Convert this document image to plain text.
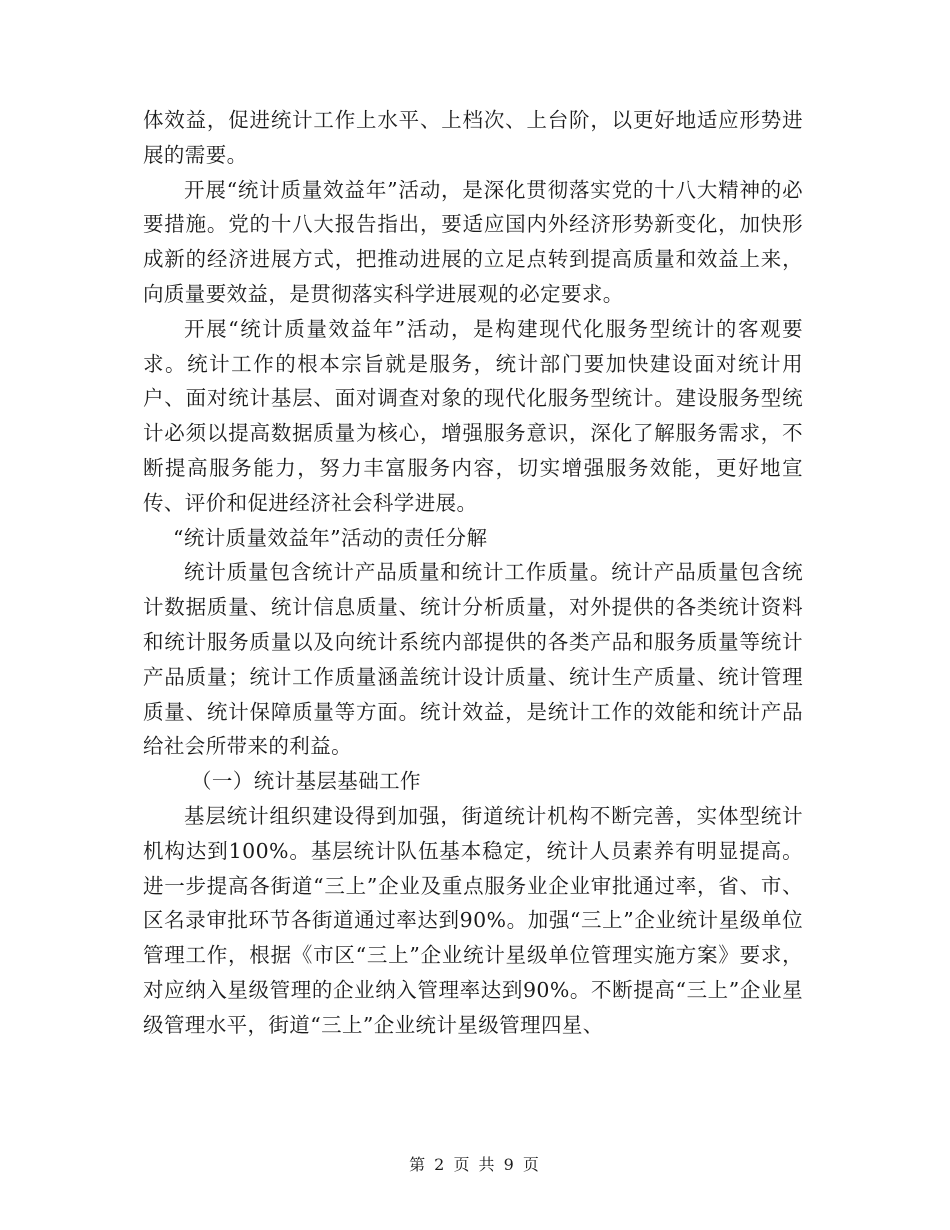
体效益，促进统计工作上水平、上档次、上台阶，以更好地适应形势进展的需要。

开展“统计质量效益年”活动，是深化贯彻落实党的十八大精神的必要措施。党的十八大报告指出，要适应国内外经济形势新变化，加快形成新的经济进展方式，把推动进展的立足点转到提高质量和效益上来，向质量要效益，是贯彻落实科学进展观的必定要求。

开展“统计质量效益年”活动，是构建现代化服务型统计的客观要求。统计工作的根本宗旨就是服务，统计部门要加快建设面对统计用户、面对统计基层、面对调查对象的现代化服务型统计。建设服务型统计必须以提高数据质量为核心，增强服务意识，深化了解服务需求，不断提高服务能力，努力丰富服务内容，切实增强服务效能，更好地宣传、评价和促进经济社会科学进展。

“统计质量效益年”活动的责任分解

统计质量包含统计产品质量和统计工作质量。统计产品质量包含统计数据质量、统计信息质量、统计分析质量，对外提供的各类统计资料和统计服务质量以及向统计系统内部提供的各类产品和服务质量等统计产品质量；统计工作质量涵盖统计设计质量、统计生产质量、统计管理质量、统计保障质量等方面。统计效益，是统计工作的效能和统计产品给社会所带来的利益。

（一）统计基层基础工作

基层统计组织建设得到加强，街道统计机构不断完善，实体型统计机构达到100%。基层统计队伍基本稳定，统计人员素养有明显提高。进一步提高各街道“三上”企业及重点服务业企业审批通过率，省、市、区名录审批环节各街道通过率达到90%。加强“三上”企业统计星级单位管理工作，根据《市区“三上”企业统计星级单位管理实施方案》要求，对应纳入星级管理的企业纳入管理率达到90%。不断提高“三上”企业星级管理水平，街道“三上”企业统计星级管理四星、

第 2 页 共 9 页
